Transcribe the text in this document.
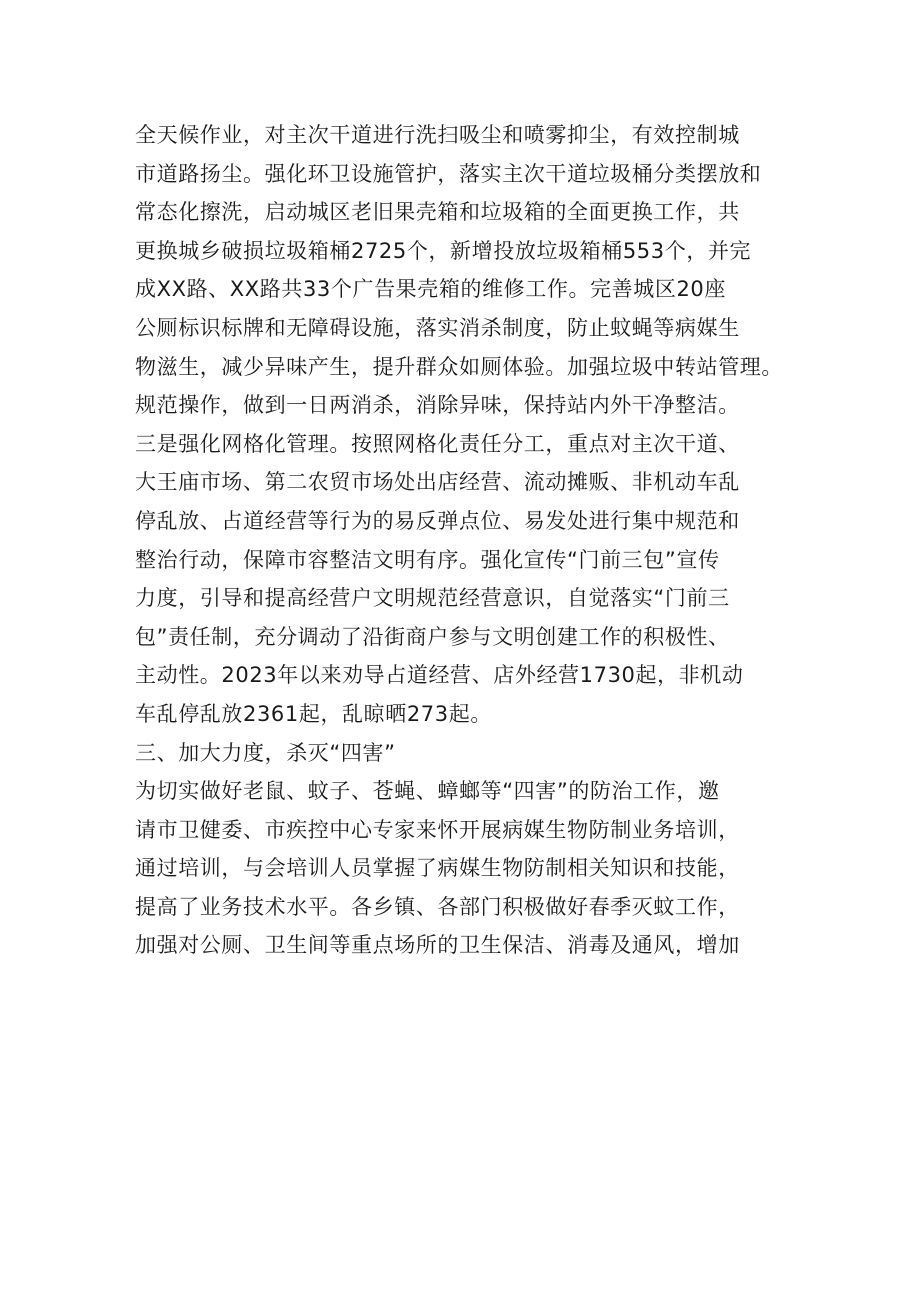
全天候作业，对主次干道进行洗扫吸尘和喷雾抑尘，有效控制城
市道路扬尘。强化环卫设施管护，落实主次干道垃圾桶分类摆放和
常态化擦洗，启动城区老旧果壳箱和垃圾箱的全面更换工作，共
更换城乡破损垃圾箱桶2725个，新增投放垃圾箱桶553个，并完
成XX路、XX路共33个广告果壳箱的维修工作。完善城区20座
公厕标识标牌和无障碍设施，落实消杀制度，防止蚊蝇等病媒生
物滋生，减少异味产生，提升群众如厕体验。加强垃圾中转站管理。
规范操作，做到一日两消杀，消除异味，保持站内外干净整洁。
三是强化网格化管理。按照网格化责任分工，重点对主次干道、
大王庙市场、第二农贸市场处出店经营、流动摊贩、非机动车乱
停乱放、占道经营等行为的易反弹点位、易发处进行集中规范和
整治行动，保障市容整洁文明有序。强化宣传“门前三包”宣传
力度，引导和提高经营户文明规范经营意识，自觉落实“门前三
包”责任制，充分调动了沿街商户参与文明创建工作的积极性、
主动性。2023年以来劝导占道经营、店外经营1730起，非机动
车乱停乱放2361起，乱晾晒273起。
三、加大力度，杀灭“四害”
为切实做好老鼠、蚊子、苍蝇、蟑螂等“四害”的防治工作，邀
请市卫健委、市疾控中心专家来怀开展病媒生物防制业务培训，
通过培训，与会培训人员掌握了病媒生物防制相关知识和技能，
提高了业务技术水平。各乡镇、各部门积极做好春季灭蚊工作，
加强对公厕、卫生间等重点场所的卫生保洁、消毒及通风，增加
